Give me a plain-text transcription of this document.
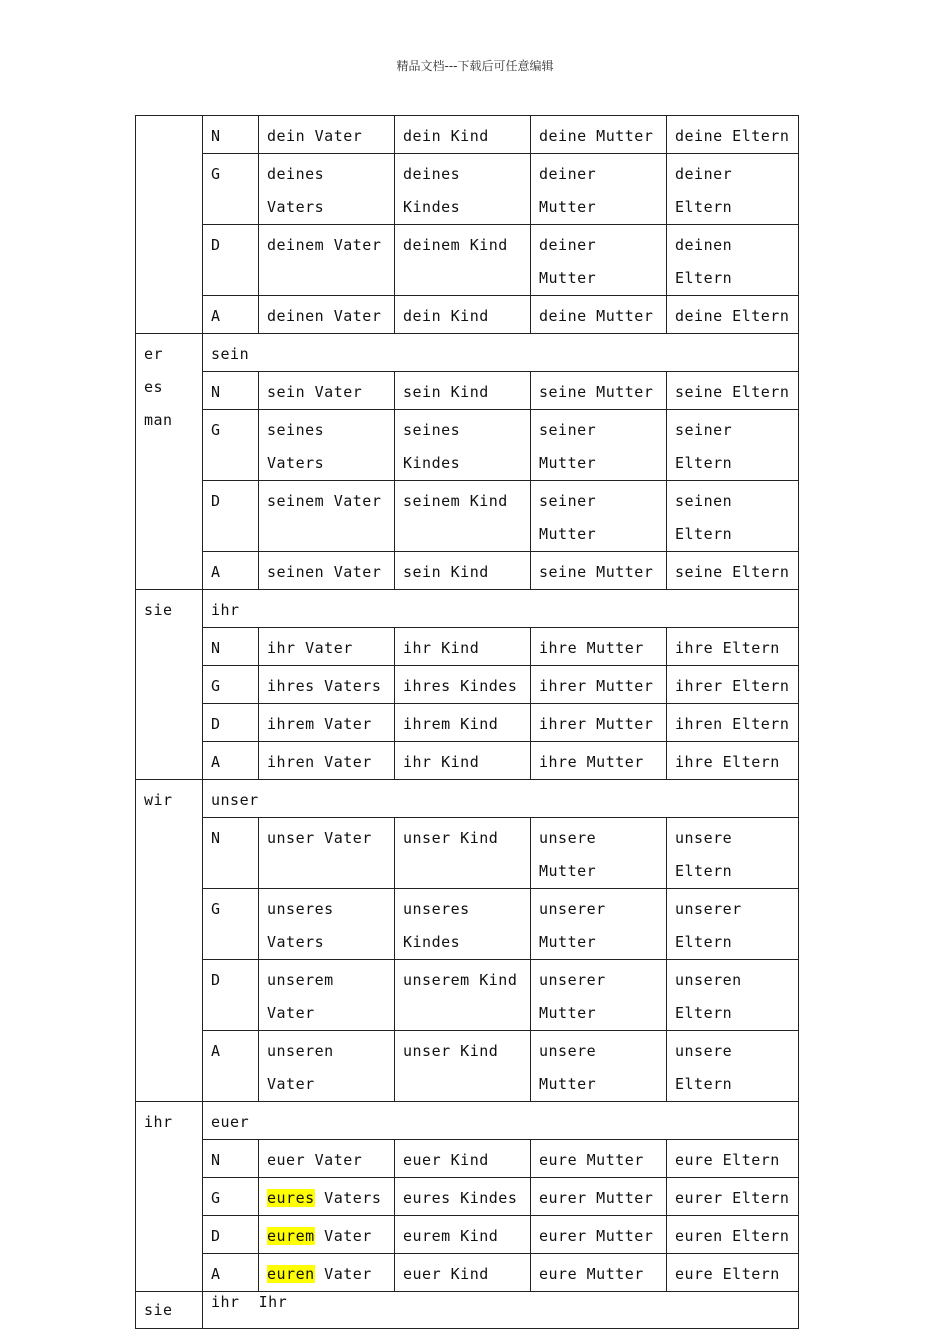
精品文档---下载后可任意编辑
	N	dein Vater	dein Kind	deine Mutter	deine Eltern
	G	deines Vaters	deines Kindes	deiner Mutter	deiner Eltern
	D	deinem Vater	deinem Kind	deiner Mutter	deinen Eltern
	A	deinen Vater	dein Kind	deine Mutter	deine Eltern

er
es
man	sein				
	N	sein Vater	sein Kind	seine Mutter	seine Eltern
	G	seines Vaters	seines Kindes	seiner Mutter	seiner Eltern
	D	seinem Vater	seinem Kind	seiner Mutter	seinen Eltern
	A	seinen Vater	sein Kind	seine Mutter	seine Eltern

sie	ihr				
	N	ihr Vater	ihr Kind	ihre Mutter	ihre Eltern
	G	ihres Vaters	ihres Kindes	ihrer Mutter	ihrer Eltern
	D	ihrem Vater	ihrem Kind	ihrer Mutter	ihren Eltern
	A	ihren Vater	ihr Kind	ihre Mutter	ihre Eltern

wir	unser				
	N	unser Vater	unser Kind	unsere Mutter	unsere Eltern
	G	unseres Vaters	unseres Kindes	unserer Mutter	unserer Eltern
	D	unserem Vater	unserem Kind	unserer Mutter	unseren Eltern
	A	unseren Vater	unser Kind	unsere Mutter	unsere Eltern

ihr	euer				
	N	euer Vater	euer Kind	eure Mutter	eure Eltern
	G	eures Vaters	eures Kindes	eurer Mutter	eurer Eltern
	D	eurem Vater	eurem Kind	eurer Mutter	euren Eltern
	A	euren Vater	euer Kind	eure Mutter	eure Eltern

sie	ihr  Ihr				
